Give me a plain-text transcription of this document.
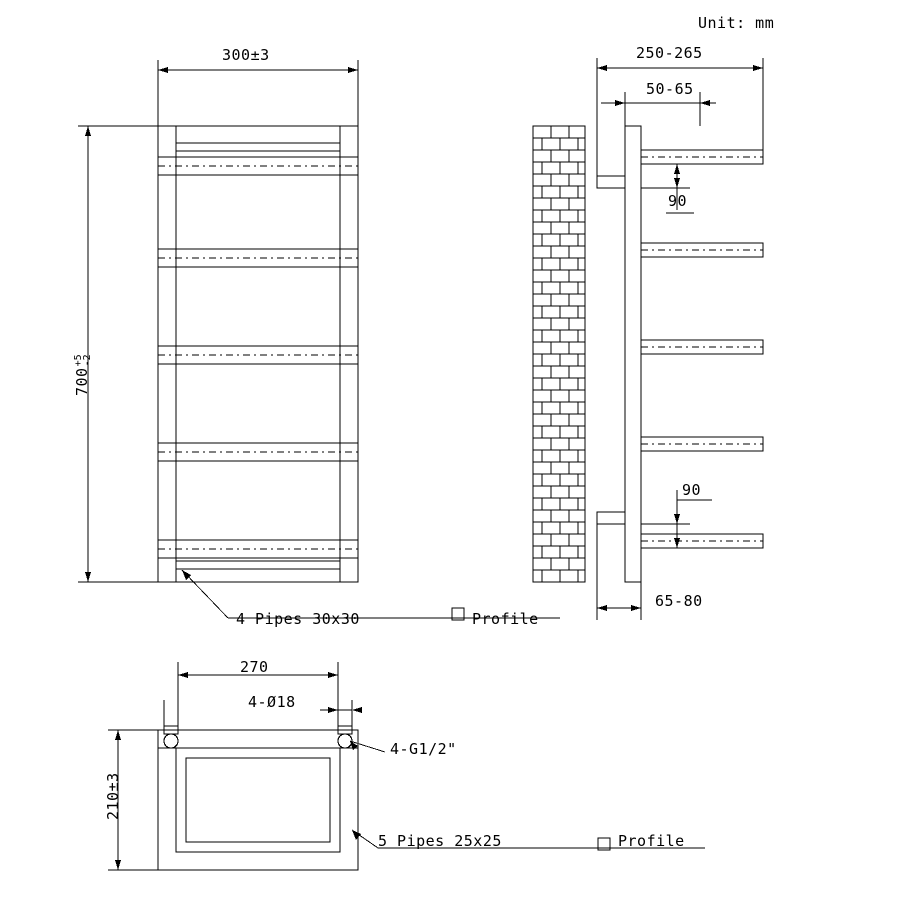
Unit: mm
300±3
700+5
-2
4 Pipes 30x30	Profile
250-265
50-65
90
90
65-80
270
4-Ø18
4-G1/2"
210±3
5 Pipes 25x25	Profile
